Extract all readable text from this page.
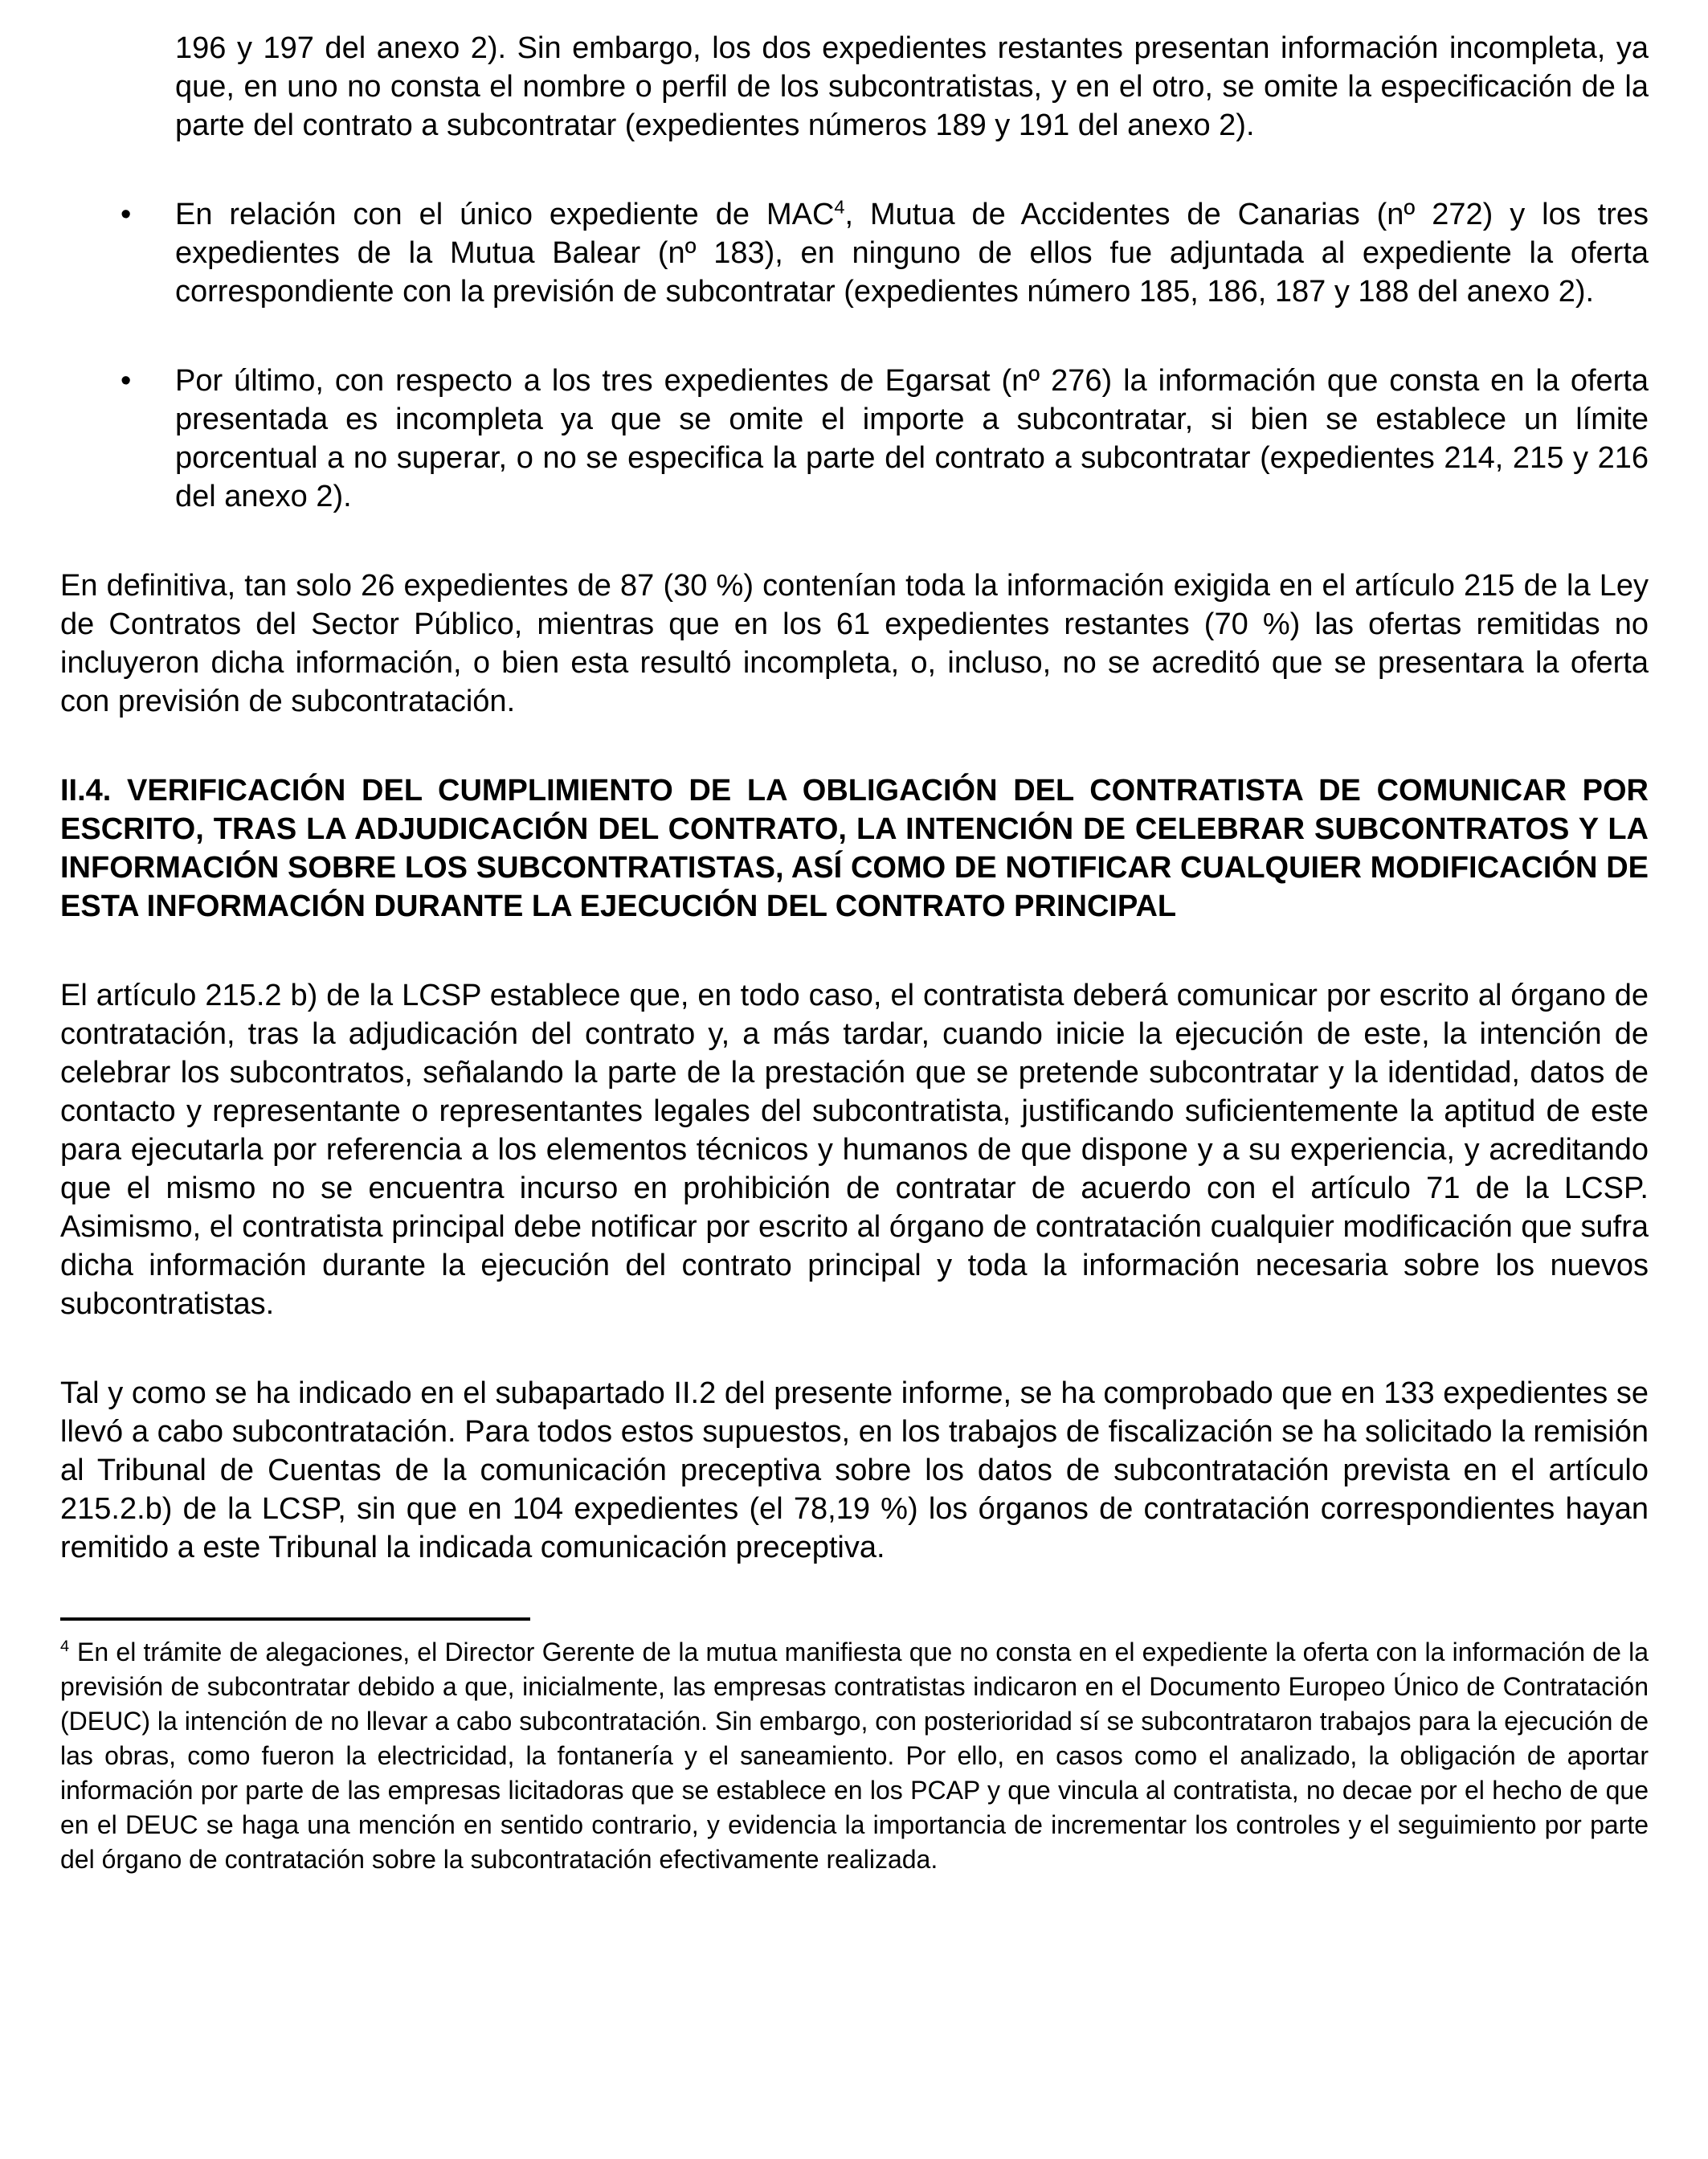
196 y 197 del anexo 2). Sin embargo, los dos expedientes restantes presentan información incompleta, ya que, en uno no consta el nombre o perfil de los subcontratistas, y en el otro, se omite la especificación de la parte del contrato a subcontratar (expedientes números 189 y 191 del anexo 2).

•	En relación con el único expediente de MAC$^4$, Mutua de Accidentes de Canarias (nº 272) y los tres expedientes de la Mutua Balear (nº 183), en ninguno de ellos fue adjuntada al expediente la oferta correspondiente con la previsión de subcontratar (expedientes número 185, 186, 187 y 188 del anexo 2).

•	Por último, con respecto a los tres expedientes de Egarsat (nº 276) la información que consta en la oferta presentada es incompleta ya que se omite el importe a subcontratar, si bien se establece un límite porcentual a no superar, o no se especifica la parte del contrato a subcontratar (expedientes 214, 215 y 216 del anexo 2).

En definitiva, tan solo 26 expedientes de 87 (30 %) contenían toda la información exigida en el artículo 215 de la Ley de Contratos del Sector Público, mientras que en los 61 expedientes restantes (70 %) las ofertas remitidas no incluyeron dicha información, o bien esta resultó incompleta, o, incluso, no se acreditó que se presentara la oferta con previsión de subcontratación.

II.4. VERIFICACIÓN DEL CUMPLIMIENTO DE LA OBLIGACIÓN DEL CONTRATISTA DE COMUNICAR POR ESCRITO, TRAS LA ADJUDICACIÓN DEL CONTRATO, LA INTENCIÓN DE CELEBRAR SUBCONTRATOS Y LA INFORMACIÓN SOBRE LOS SUBCONTRATISTAS, ASÍ COMO DE NOTIFICAR CUALQUIER MODIFICACIÓN DE ESTA INFORMACIÓN DURANTE LA EJECUCIÓN DEL CONTRATO PRINCIPAL

El artículo 215.2 b) de la LCSP establece que, en todo caso, el contratista deberá comunicar por escrito al órgano de contratación, tras la adjudicación del contrato y, a más tardar, cuando inicie la ejecución de este, la intención de celebrar los subcontratos, señalando la parte de la prestación que se pretende subcontratar y la identidad, datos de contacto y representante o representantes legales del subcontratista, justificando suficientemente la aptitud de este para ejecutarla por referencia a los elementos técnicos y humanos de que dispone y a su experiencia, y acreditando que el mismo no se encuentra incurso en prohibición de contratar de acuerdo con el artículo 71 de la LCSP. Asimismo, el contratista principal debe notificar por escrito al órgano de contratación cualquier modificación que sufra dicha información durante la ejecución del contrato principal y toda la información necesaria sobre los nuevos subcontratistas.

Tal y como se ha indicado en el subapartado II.2 del presente informe, se ha comprobado que en 133 expedientes se llevó a cabo subcontratación. Para todos estos supuestos, en los trabajos de fiscalización se ha solicitado la remisión al Tribunal de Cuentas de la comunicación preceptiva sobre los datos de subcontratación prevista en el artículo 215.2.b) de la LCSP, sin que en 104 expedientes (el 78,19 %) los órganos de contratación correspondientes hayan remitido a este Tribunal la indicada comunicación preceptiva.

$^4$ En el trámite de alegaciones, el Director Gerente de la mutua manifiesta que no consta en el expediente la oferta con la información de la previsión de subcontratar debido a que, inicialmente, las empresas contratistas indicaron en el Documento Europeo Único de Contratación (DEUC) la intención de no llevar a cabo subcontratación. Sin embargo, con posterioridad sí se subcontrataron trabajos para la ejecución de las obras, como fueron la electricidad, la fontanería y el saneamiento. Por ello, en casos como el analizado, la obligación de aportar información por parte de las empresas licitadoras que se establece en los PCAP y que vincula al contratista, no decae por el hecho de que en el DEUC se haga una mención en sentido contrario, y evidencia la importancia de incrementar los controles y el seguimiento por parte del órgano de contratación sobre la subcontratación efectivamente realizada.
